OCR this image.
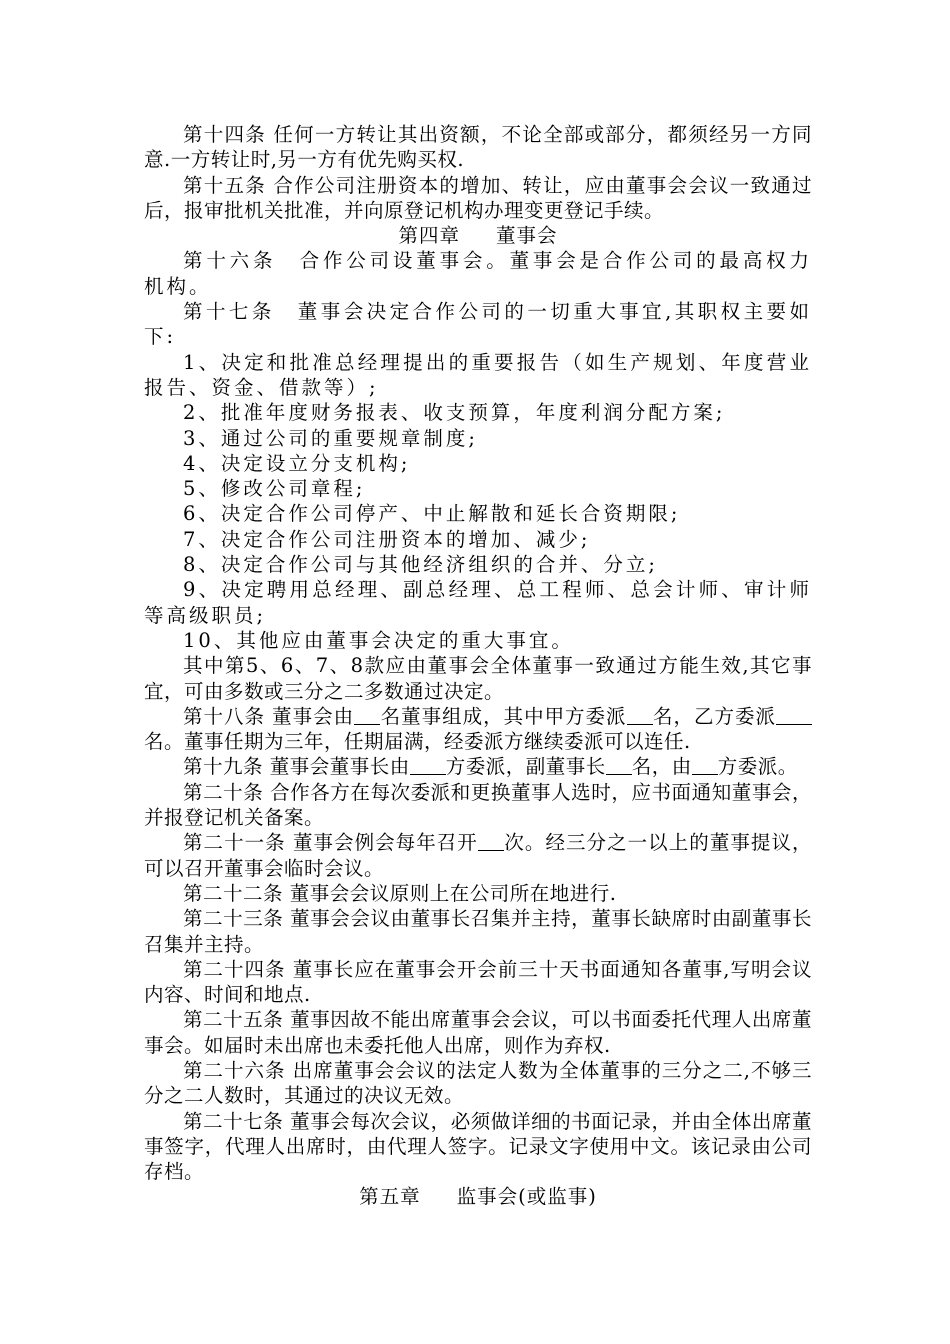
第十四条 任何一方转让其出资额，不论全部或部分，都须经另一方同意.一方转让时,另一方有优先购买权.

第十五条 合作公司注册资本的增加、转让，应由董事会会议一致通过后，报审批机关批准，并向原登记机构办理变更登记手续。

第四章 董事会

第十六条　合作公司设董事会。董事会是合作公司的最高权力机构。

第十七条　董事会决定合作公司的一切重大事宜,其职权主要如下:

1、决定和批准总经理提出的重要报告（如生产规划、年度营业报告、资金、借款等）;

2、批准年度财务报表、收支预算，年度利润分配方案;

3、通过公司的重要规章制度;

4、决定设立分支机构;

5、修改公司章程;

6、决定合作公司停产、中止解散和延长合资期限;

7、决定合作公司注册资本的增加、减少;

8、决定合作公司与其他经济组织的合并、分立;

9、决定聘用总经理、副总经理、总工程师、总会计师、审计师等高级职员;

10、其他应由董事会决定的重大事宜。

其中第5、6、7、8款应由董事会全体董事一致通过方能生效,其它事宜，可由多数或三分之二多数通过决定。

第十八条 董事会由 名董事组成，其中甲方委派 名，乙方委派名。董事任期为三年，任期届满，经委派方继续委派可以连任.

第十九条 董事会董事长由 方委派，副董事长 名，由 方委派。

第二十条 合作各方在每次委派和更换董事人选时，应书面通知董事会，并报登记机关备案。

第二十一条 董事会例会每年召开 次。经三分之一以上的董事提议，可以召开董事会临时会议。

第二十二条 董事会会议原则上在公司所在地进行.

第二十三条 董事会会议由董事长召集并主持，董事长缺席时由副董事长召集并主持。

第二十四条 董事长应在董事会开会前三十天书面通知各董事,写明会议内容、时间和地点.

第二十五条 董事因故不能出席董事会会议，可以书面委托代理人出席董事会。如届时未出席也未委托他人出席，则作为弃权.

第二十六条 出席董事会会议的法定人数为全体董事的三分之二,不够三分之二人数时，其通过的决议无效。

第二十七条 董事会每次会议，必须做详细的书面记录，并由全体出席董事签字，代理人出席时，由代理人签字。记录文字使用中文。该记录由公司存档。

第五章 监事会(或监事)
